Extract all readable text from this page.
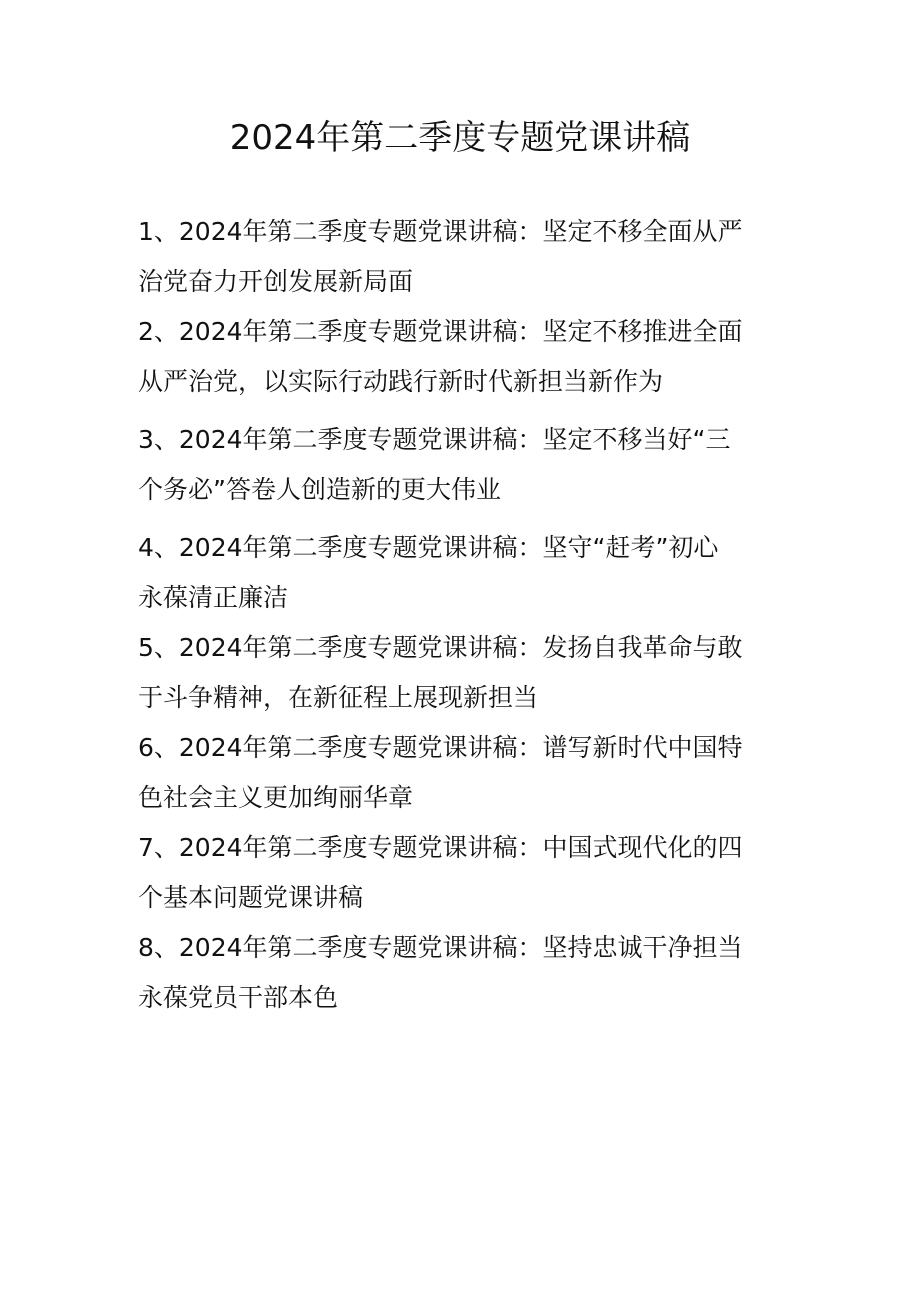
2024年第二季度专题党课讲稿
1、2024年第二季度专题党课讲稿：坚定不移全面从严
治党奋力开创发展新局面
2、2024年第二季度专题党课讲稿：坚定不移推进全面
从严治党，以实际行动践行新时代新担当新作为
3、2024年第二季度专题党课讲稿：坚定不移当好“三
个务必”答卷人创造新的更大伟业
4、2024年第二季度专题党课讲稿：坚守“赶考”初心
永葆清正廉洁
5、2024年第二季度专题党课讲稿：发扬自我革命与敢
于斗争精神，在新征程上展现新担当
6、2024年第二季度专题党课讲稿：谱写新时代中国特
色社会主义更加绚丽华章
7、2024年第二季度专题党课讲稿：中国式现代化的四
个基本问题党课讲稿
8、2024年第二季度专题党课讲稿：坚持忠诚干净担当
永葆党员干部本色
